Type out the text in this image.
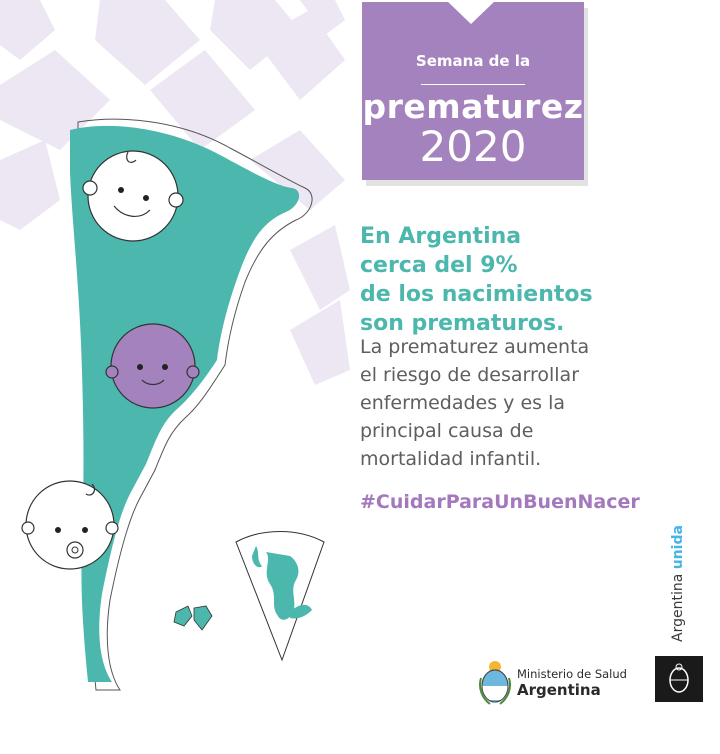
Semana de la
prematurez
2020
En Argentina
cerca del 9%
de los nacimientos
son prematuros.
La prematurez aumenta
el riesgo de desarrollar
enfermedades y es la
principal causa de
mortalidad infantil.
#CuidarParaUnBuenNacer
Argentina unida
Ministerio de Salud
Argentina
